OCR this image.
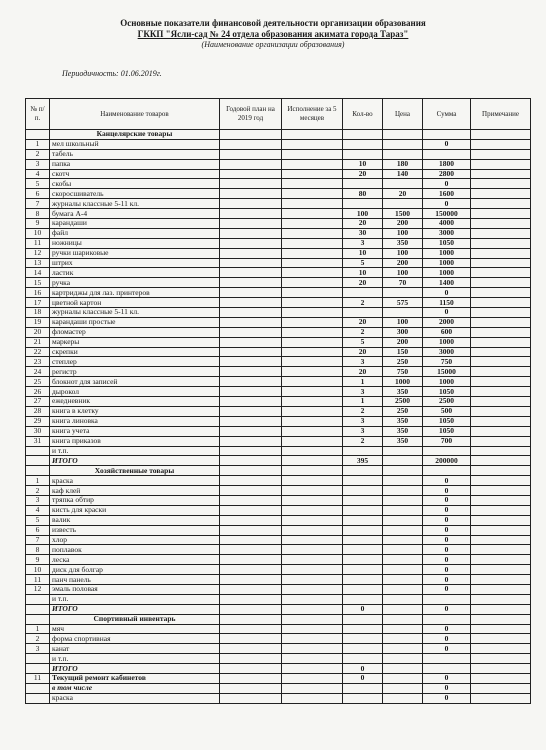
Основные показатели финансовой деятельности организации образования
ГККП "Ясли-сад № 24 отдела образования акимата города Тараз"
(Наименование организации образования)
Периодичность: 01.06.2019г.
№ п/п.	Наименование товаров	Годовой план на 2019 год	Исполнение за 5 месяцев	Кол-во	Цена	Сумма	Примечание
	Канцелярские товары						
1	мел школьный					0	
2	табель						
3	папка			10	180	1800	
4	скотч			20	140	2800	
5	скобы					0	
6	скоросшиватель			80	20	1600	
7	журналы классные 5-11 кл.					0	
8	бумага А-4			100	1500	150000	
9	карандаши			20	200	4000	
10	файл			30	100	3000	
11	ножницы			3	350	1050	
12	ручки шариковые			10	100	1000	
13	штрих			5	200	1000	
14	ластик			10	100	1000	
15	ручка			20	70	1400	
16	картриджы для лаз. принтеров					0	
17	цветной картон			2	575	1150	
18	журналы классные 5-11 кл.					0	
19	карандаши простые			20	100	2000	
20	фломастер			2	300	600	
21	маркеры			5	200	1000	
22	скрепки			20	150	3000	
23	степлер			3	250	750	
24	регистр			20	750	15000	
25	блокнот для записей			1	1000	1000	
26	дырокол			3	350	1050	
27	ежедневник			1	2500	2500	
28	книга в клетку			2	250	500	
29	книга линовка			3	350	1050	
30	книга учета			3	350	1050	
31	книга приказов			2	350	700	
	и т.п.						
	ИТОГО			395		200000	
	Хозяйственные товары						
1	краска					0	
2	каф клей					0	
3	тряпка обтир					0	
4	кисть для краски					0	
5	валик					0	
6	известь					0	
7	хлор					0	
8	поплавок					0	
9	леска					0	
10	диск для болгар					0	
11	панч панель					0	
12	эмаль половая					0	
	и т.п.						
	ИТОГО			0		0	
	Спортивный инвентарь						
1	мяч					0	
2	форма спортивная					0	
3	канат					0	
	и т.п.						
	ИТОГО			0			
11	Текущий ремонт кабинетов			0		0	
	в том числе					0	
	краска					0	
